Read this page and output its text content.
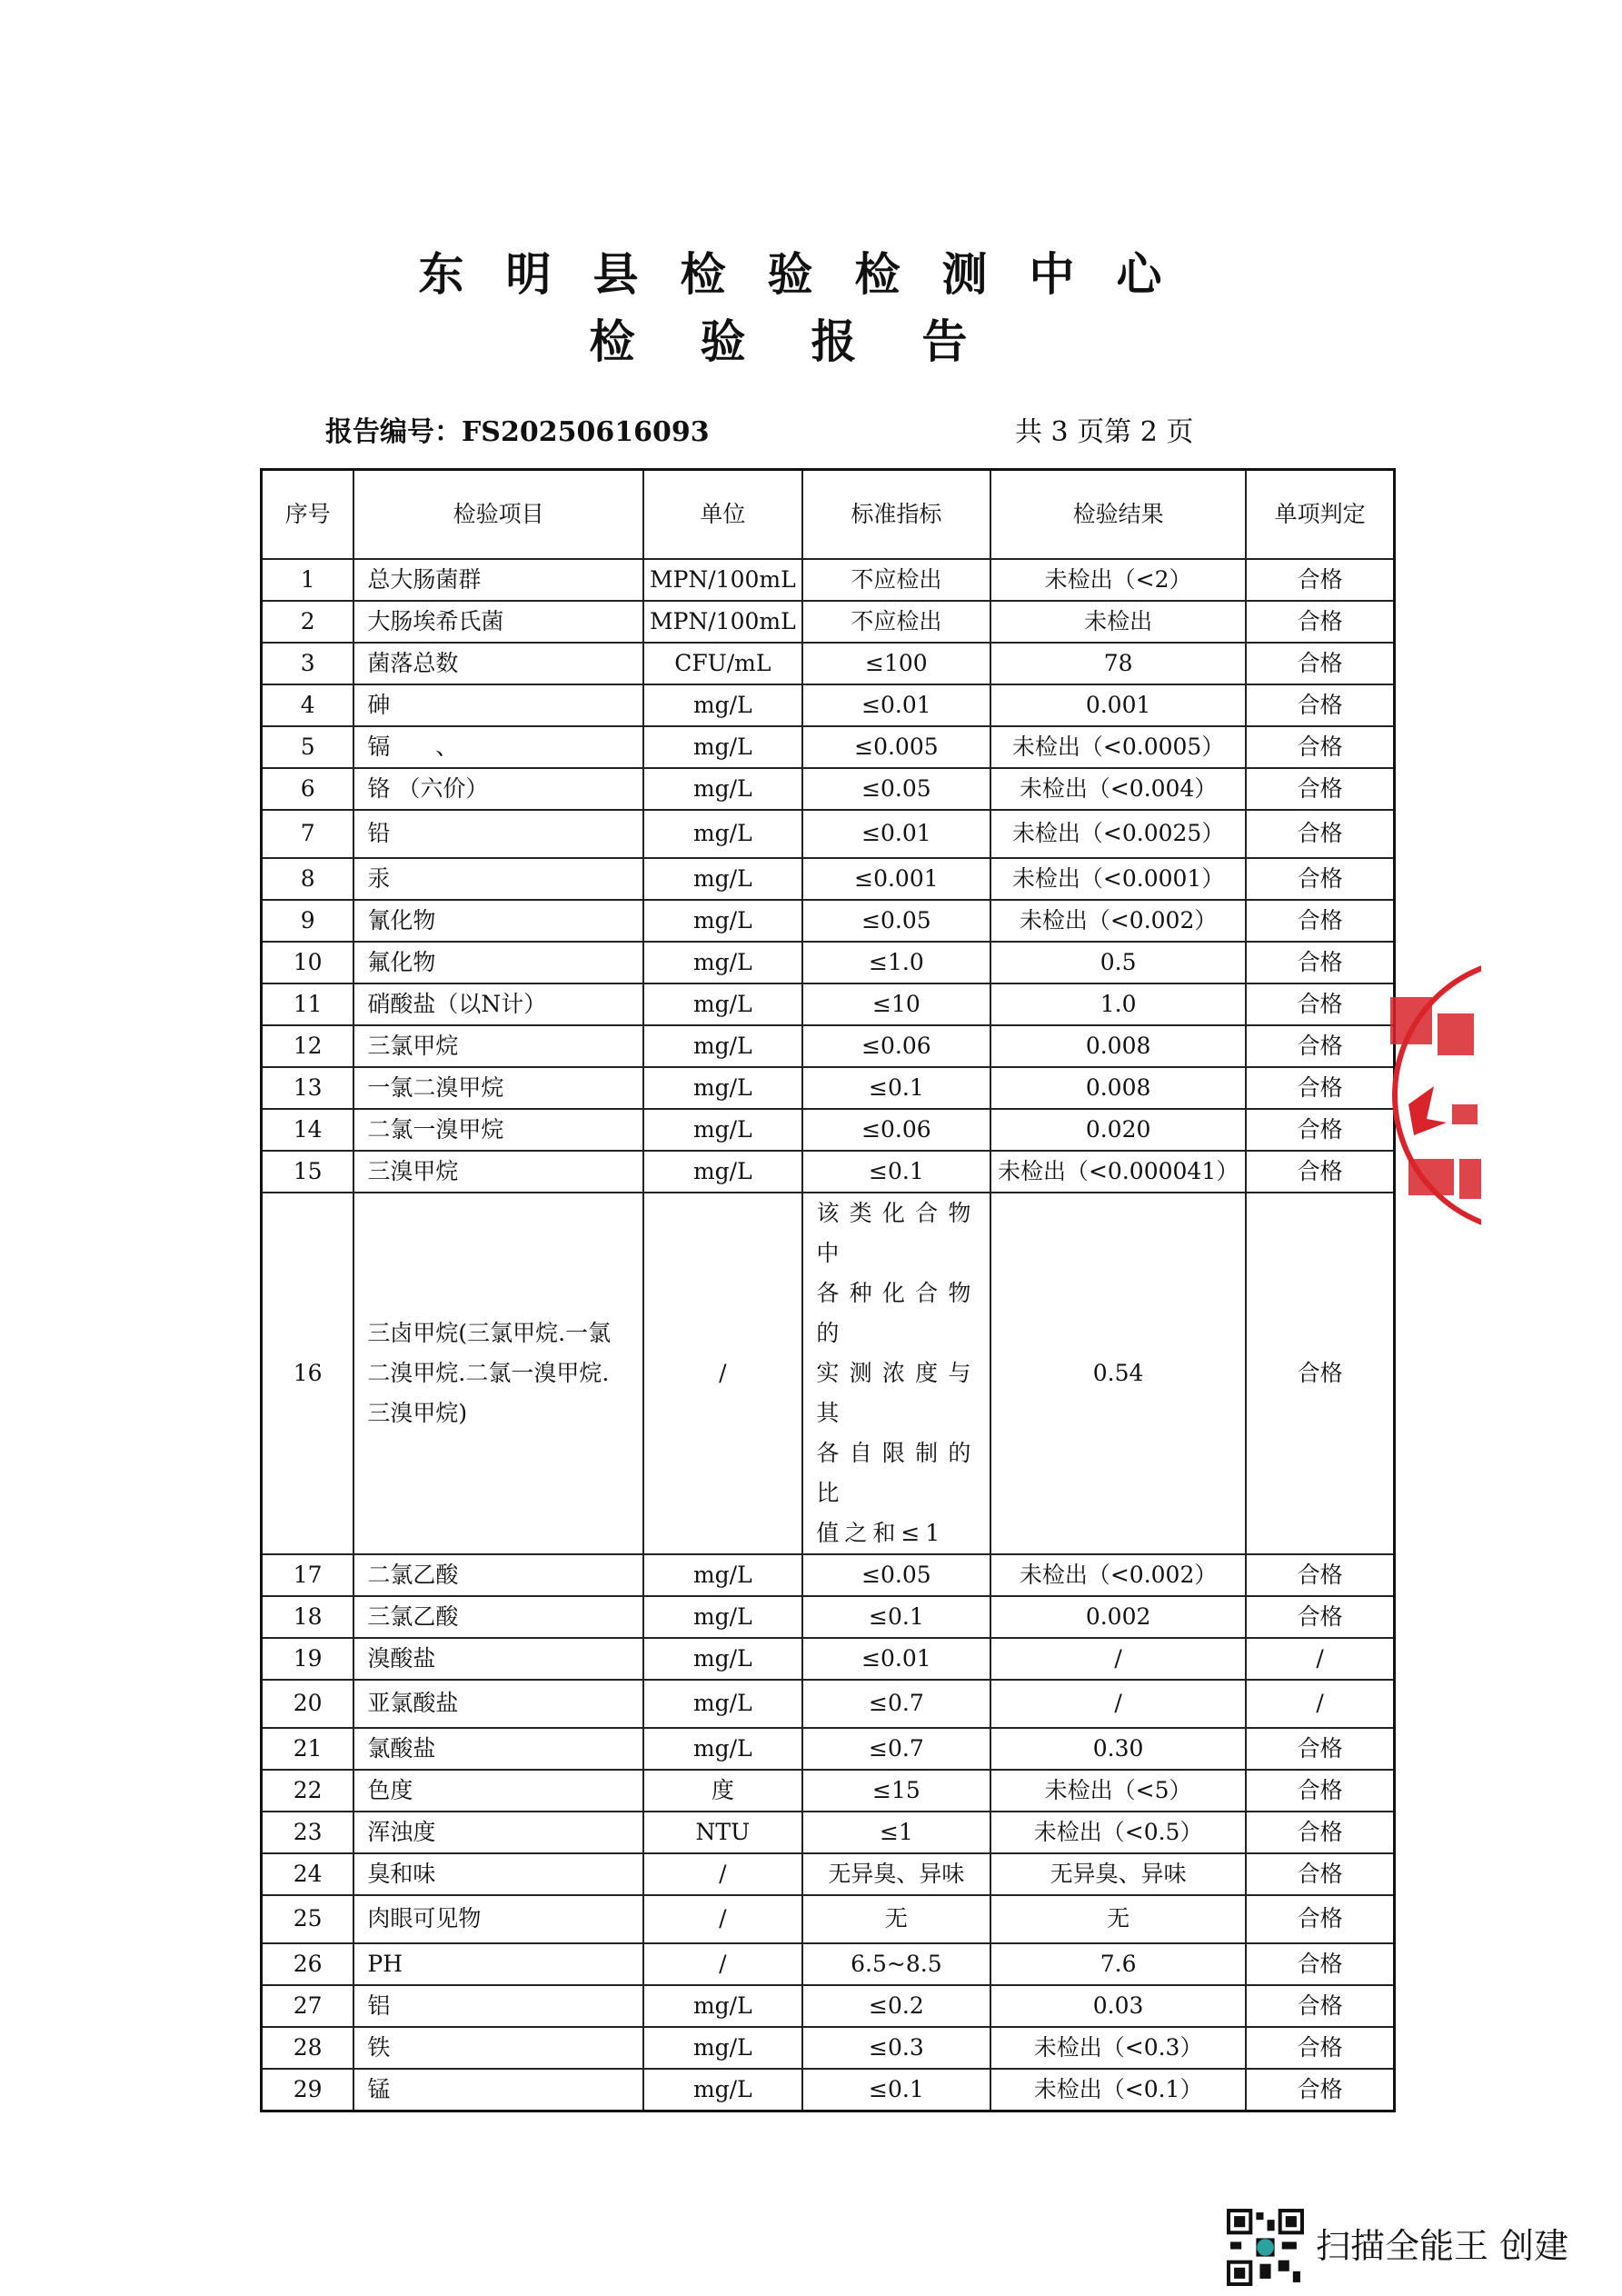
东明县检验检测中心
检验报告
报告编号：FS20250616093	共 3 页第 2 页
序号	检验项目	单位	标准指标	检验结果	单项判定
1	总大肠菌群	MPN/100mL	不应检出	未检出（<2）	合格
2	大肠埃希氏菌	MPN/100mL	不应检出	未检出	合格
3	菌落总数	CFU/mL	≤100	78	合格
4	砷	mg/L	≤0.01	0.001	合格
5	镉　　、	mg/L	≤0.005	未检出（<0.0005）	合格
6	铬 （六价）	mg/L	≤0.05	未检出（<0.004）	合格
7	铅	mg/L	≤0.01	未检出（<0.0025）	合格
8	汞	mg/L	≤0.001	未检出（<0.0001）	合格
9	氰化物	mg/L	≤0.05	未检出（<0.002）	合格
10	氟化物	mg/L	≤1.0	0.5	合格
11	硝酸盐（以N计）	mg/L	≤10	1.0	合格
12	三氯甲烷	mg/L	≤0.06	0.008	合格
13	一氯二溴甲烷	mg/L	≤0.1	0.008	合格
14	二氯一溴甲烷	mg/L	≤0.06	0.020	合格
15	三溴甲烷	mg/L	≤0.1	未检出（<0.000041）	合格
16	三卤甲烷(三氯甲烷.一氯
二溴甲烷.二氯一溴甲烷.
三溴甲烷)	/	该类化合物中
各种化合物的
实测浓度与其
各自限制的比
值之和≤1	0.54	合格
17	二氯乙酸	mg/L	≤0.05	未检出（<0.002）	合格
18	三氯乙酸	mg/L	≤0.1	0.002	合格
19	溴酸盐	mg/L	≤0.01	/	/
20	亚氯酸盐	mg/L	≤0.7	/	/
21	氯酸盐	mg/L	≤0.7	0.30	合格
22	色度	度	≤15	未检出（<5）	合格
23	浑浊度	NTU	≤1	未检出（<0.5）	合格
24	臭和味	/	无异臭、异味	无异臭、异味	合格
25	肉眼可见物	/	无	无	合格
26	PH	/	6.5~8.5	7.6	合格
27	铝	mg/L	≤0.2	0.03	合格
28	铁	mg/L	≤0.3	未检出（<0.3）	合格
29	锰	mg/L	≤0.1	未检出（<0.1）	合格
扫描全能王 创建
